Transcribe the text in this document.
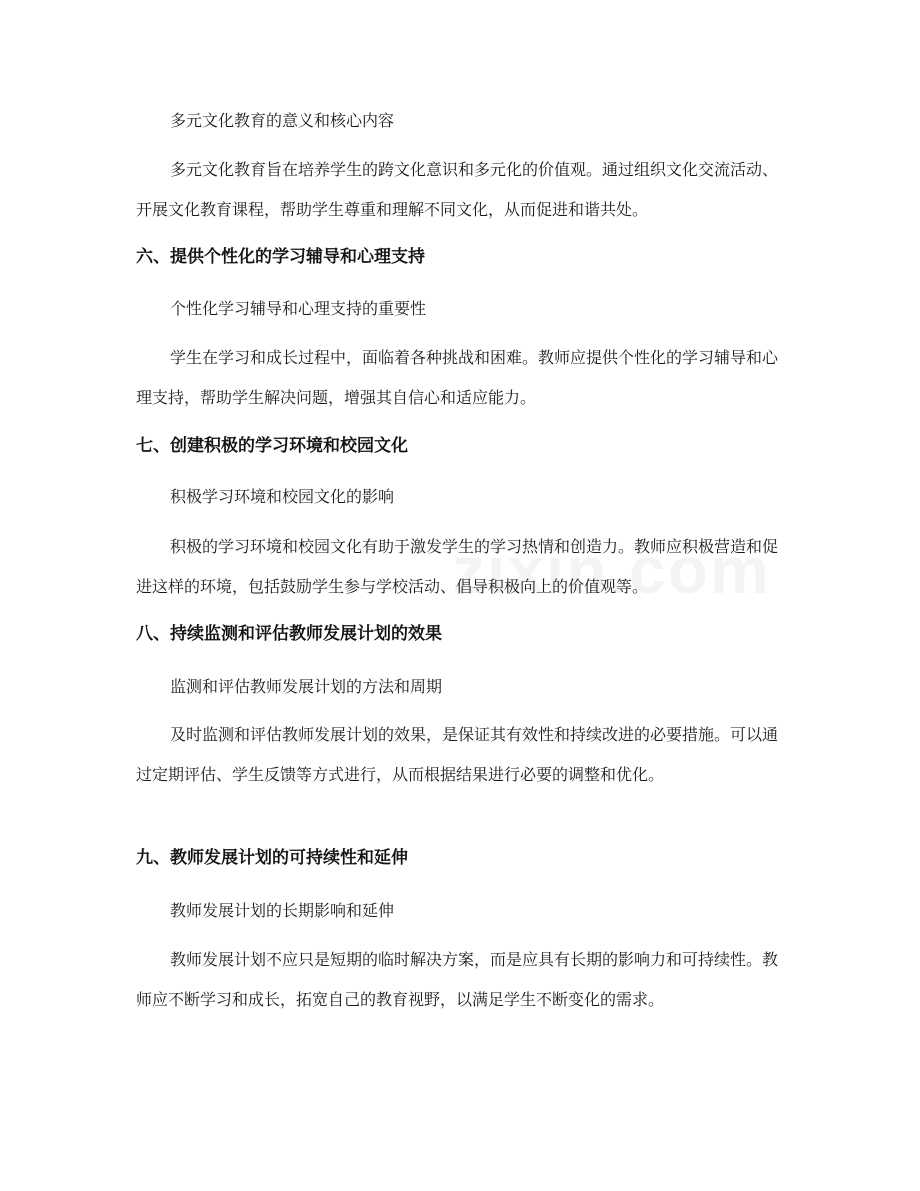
多元文化教育的意义和核心内容

多元文化教育旨在培养学生的跨文化意识和多元化的价值观。通过组织文化交流活动、开展文化教育课程，帮助学生尊重和理解不同文化，从而促进和谐共处。

六、提供个性化的学习辅导和心理支持
个性化学习辅导和心理支持的重要性

学生在学习和成长过程中，面临着各种挑战和困难。教师应提供个性化的学习辅导和心理支持，帮助学生解决问题，增强其自信心和适应能力。

七、创建积极的学习环境和校园文化
积极学习环境和校园文化的影响

积极的学习环境和校园文化有助于激发学生的学习热情和创造力。教师应积极营造和促进这样的环境，包括鼓励学生参与学校活动、倡导积极向上的价值观等。

八、持续监测和评估教师发展计划的效果
监测和评估教师发展计划的方法和周期

及时监测和评估教师发展计划的效果，是保证其有效性和持续改进的必要措施。可以通过定期评估、学生反馈等方式进行，从而根据结果进行必要的调整和优化。

九、教师发展计划的可持续性和延伸
教师发展计划的长期影响和延伸

教师发展计划不应只是短期的临时解决方案，而是应具有长期的影响力和可持续性。教师应不断学习和成长，拓宽自己的教育视野，以满足学生不断变化的需求。
